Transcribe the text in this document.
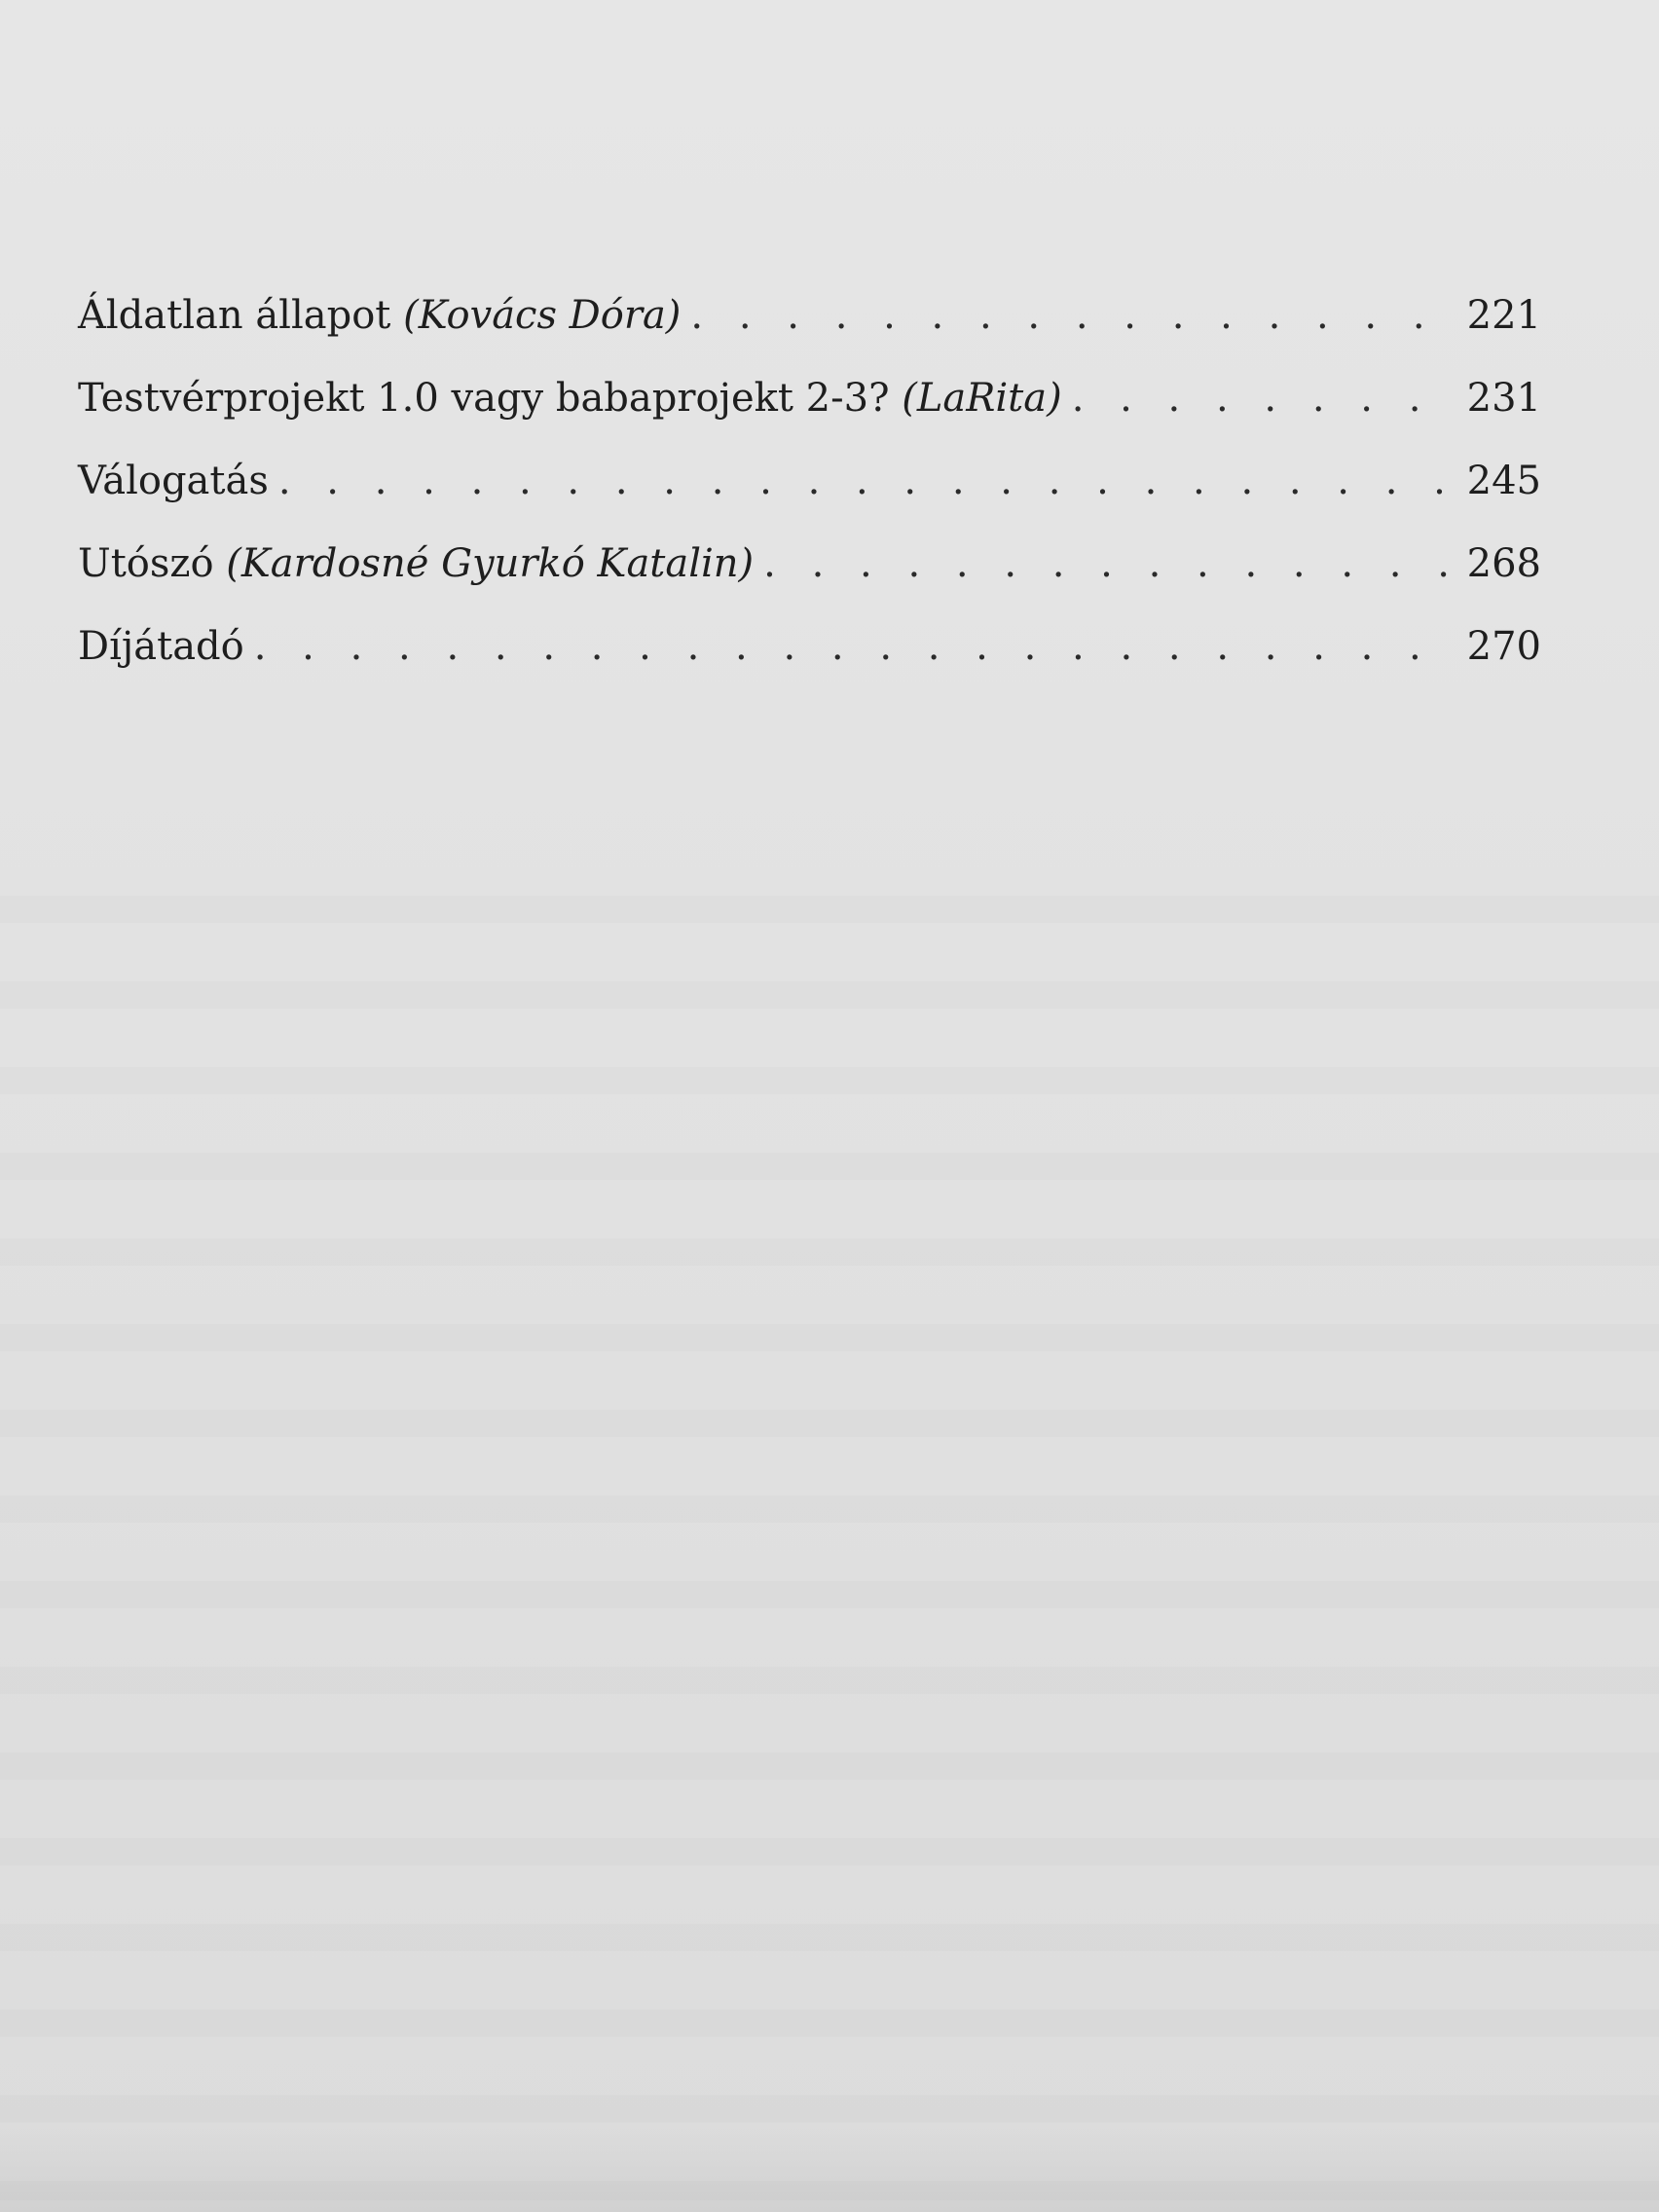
Áldatlan állapot (Kovács Dóra) . . .	221
Testvérprojekt 1.0 vagy babaprojekt 2-3? (LaRita) . . .	231
Válogatás . . .	245
Utószó (Kardosné Gyurkó Katalin) . . .	268
Díjátadó . . .	270
